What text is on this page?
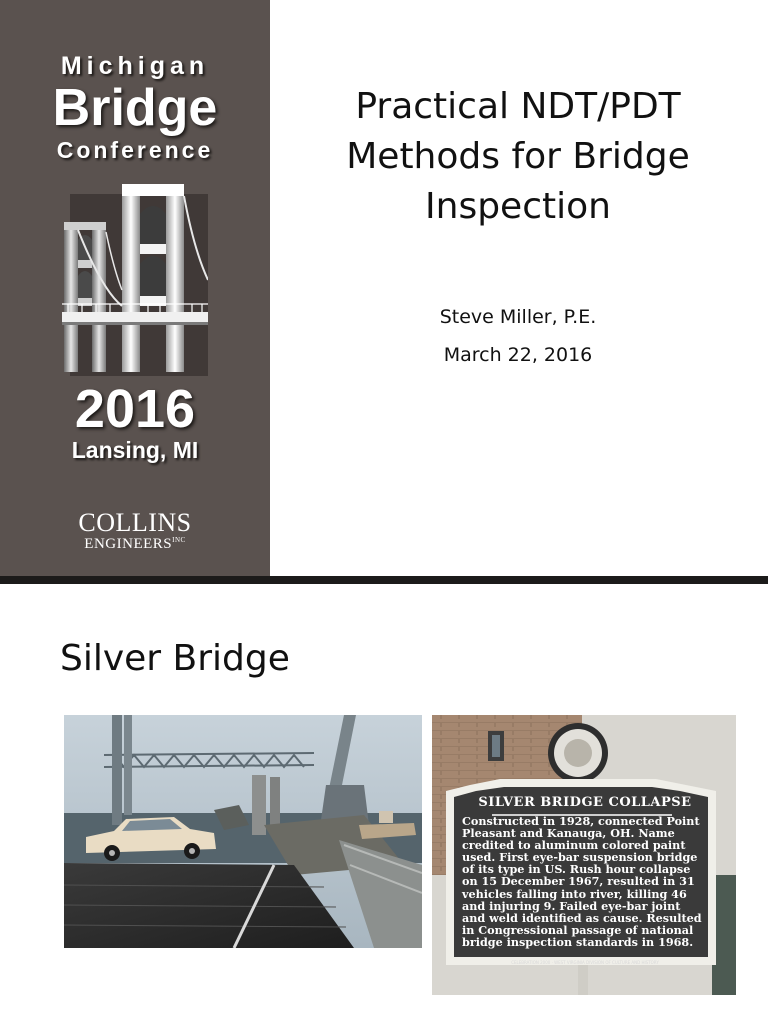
Michigan
Bridge
Conference
2016
Lansing, MI
COLLINS
$ENGINEERS^{INC}$
Practical NDT/PDT
Methods for Bridge
Inspection
Steve Miller, P.E.
March 22, 2016
Silver Bridge
SILVER BRIDGE COLLAPSE
Constructed in 1928, connected Point
Pleasant and Kanauga, OH. Name
credited to aluminum colored paint
used. First eye-bar suspension bridge
of its type in US. Rush hour collapse
on 15 December 1967, resulted in 31
vehicles falling into river, killing 46
and injuring 9. Failed eye-bar joint
and weld identified as cause. Resulted
in Congressional passage of national
bridge inspection standards in 1968.
CELEBRATION 2000 · WEST VIRGINIA DIVISION OF CULTURE AND HISTORY
